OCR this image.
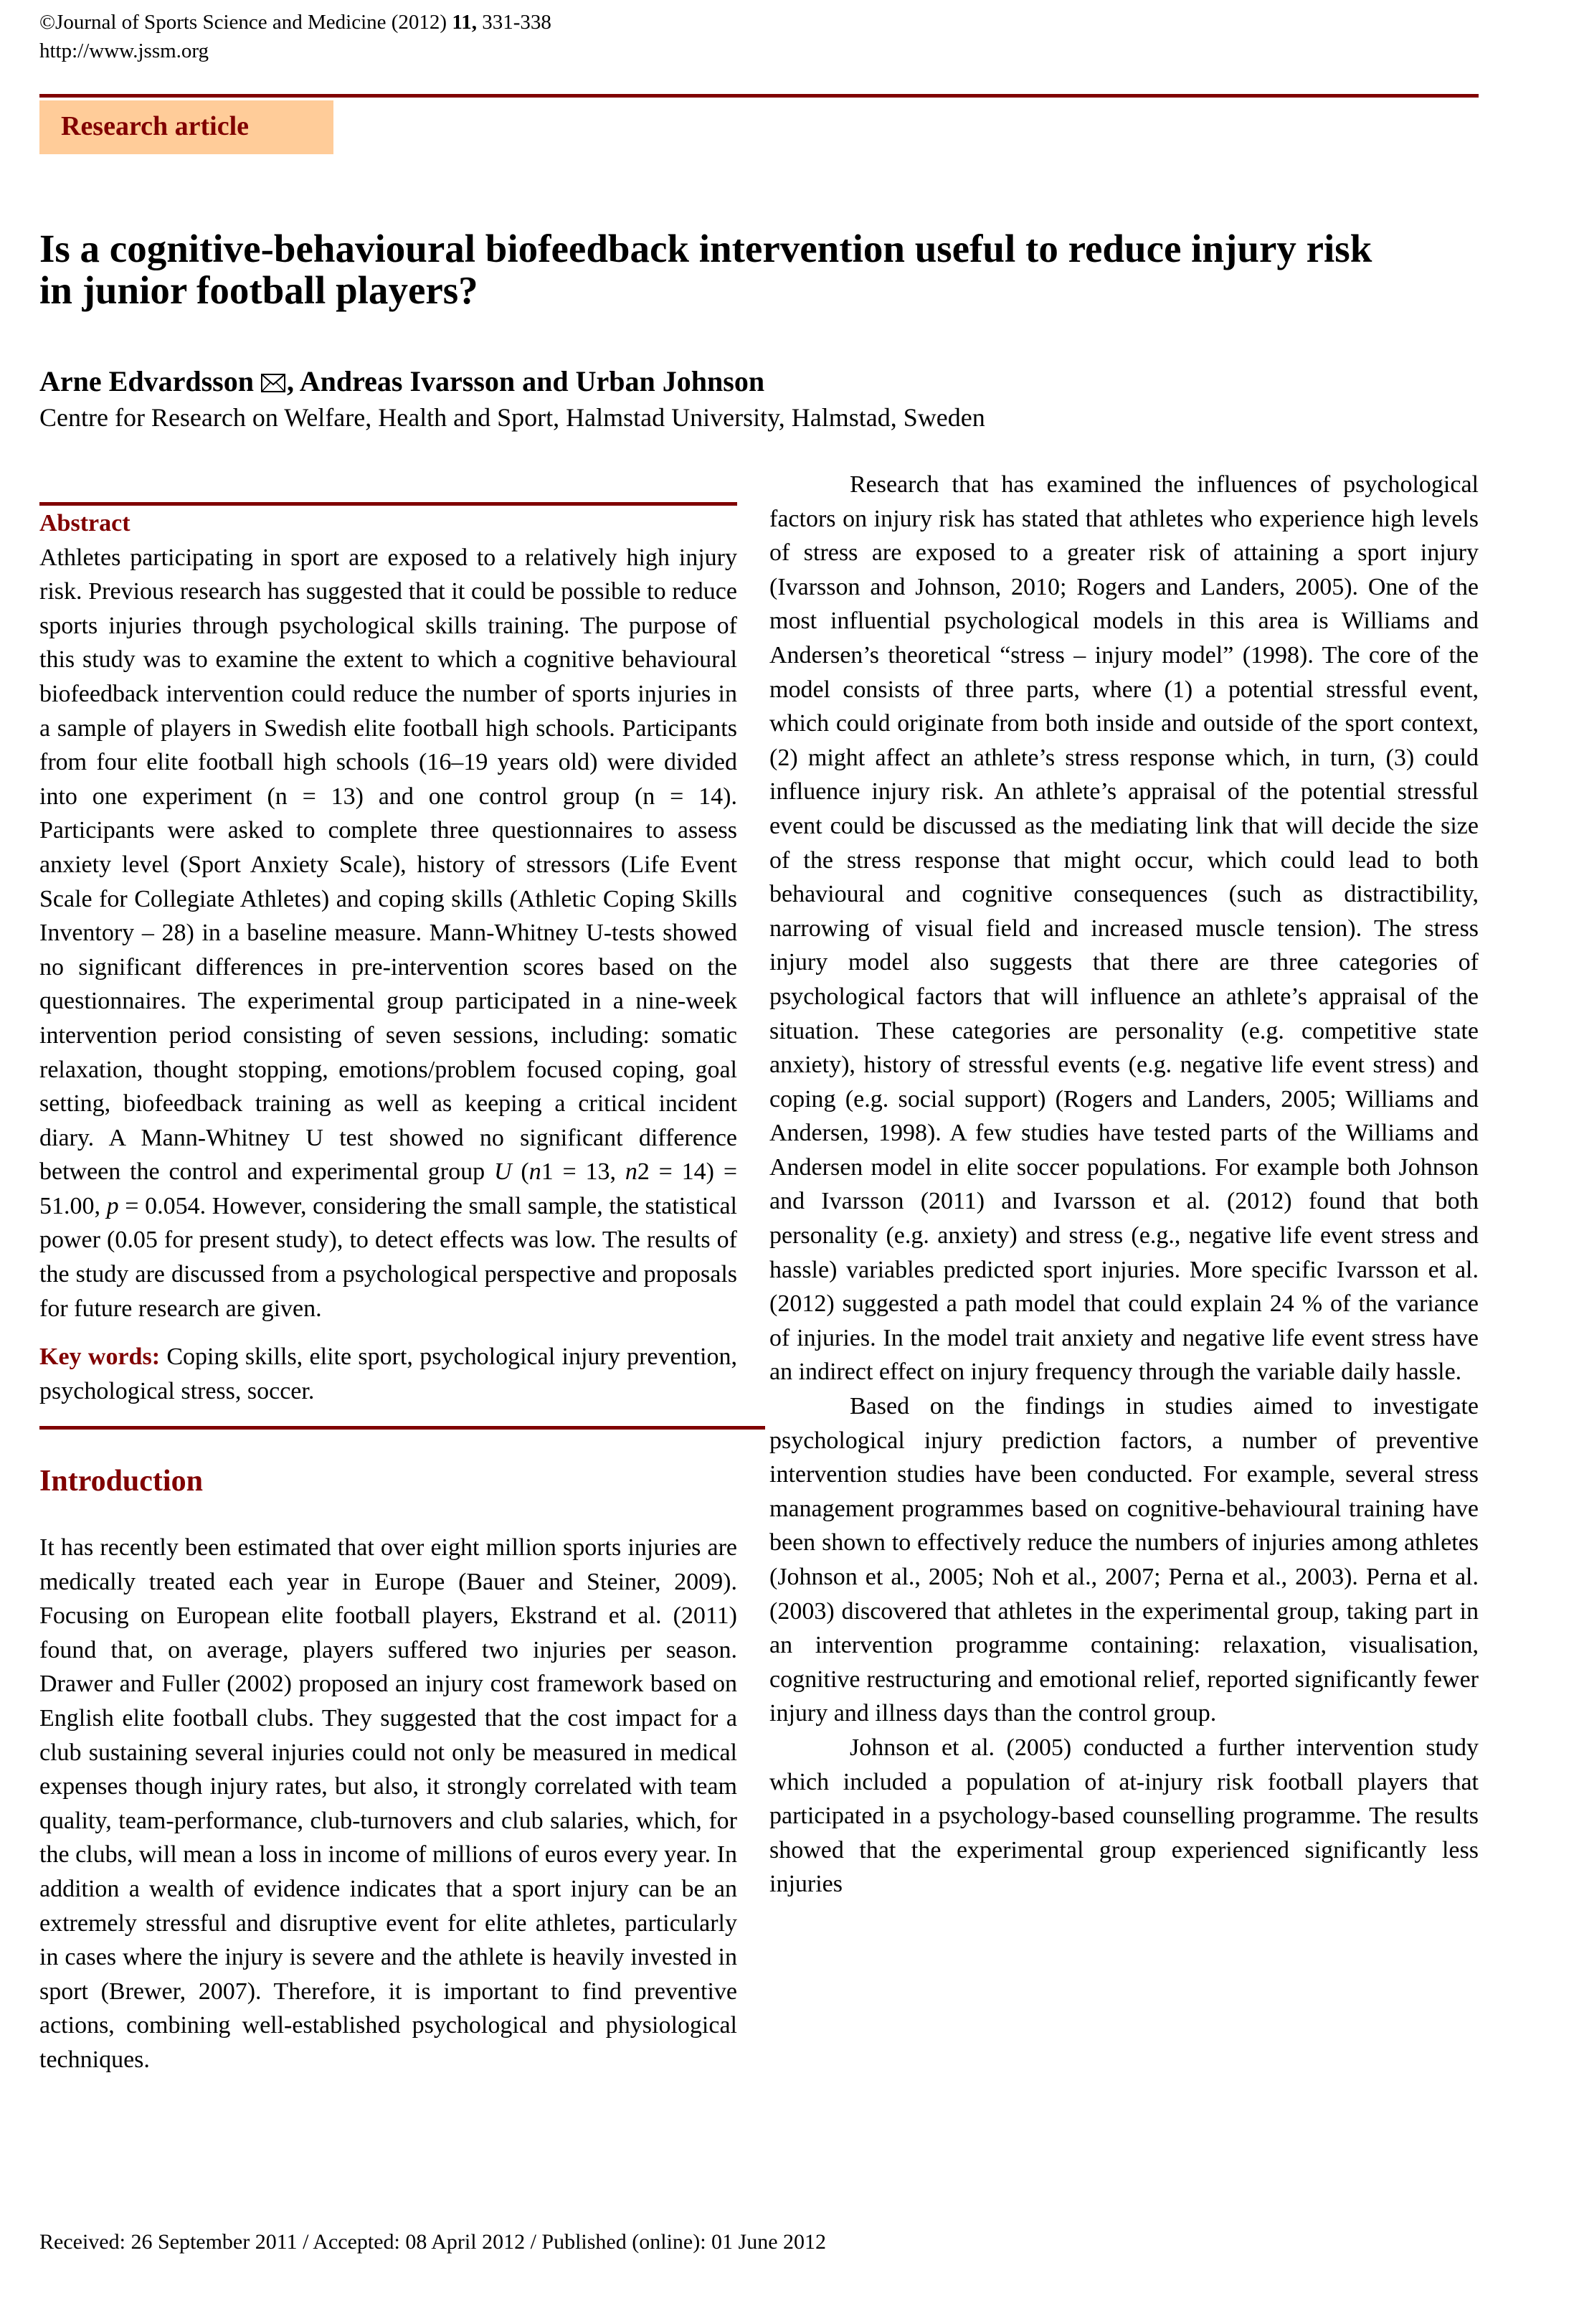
©Journal of Sports Science and Medicine (2012) 11, 331-338
http://www.jssm.org
Research article
Is a cognitive-behavioural biofeedback intervention useful to reduce injury risk
in junior football players?
Arne Edvardsson , Andreas Ivarsson and Urban Johnson
Centre for Research on Welfare, Health and Sport, Halmstad University, Halmstad, Sweden
Abstract

Athletes participating in sport are exposed to a relatively high injury risk. Previous research has suggested that it could be possible to reduce sports injuries through psychological skills training. The purpose of this study was to examine the extent to which a cognitive behavioural biofeedback intervention could reduce the number of sports injuries in a sample of players in Swedish elite football high schools. Participants from four elite football high schools (16–19 years old) were divided into one experiment (n = 13) and one control group (n = 14). Participants were asked to complete three questionnaires to assess anxiety level (Sport Anxiety Scale), history of stressors (Life Event Scale for Collegiate Athletes) and coping skills (Athletic Coping Skills Inventory – 28) in a baseline measure. Mann-Whitney U-tests showed no significant differences in pre-intervention scores based on the questionnaires. The experimental group participated in a nine-week intervention period consisting of seven sessions, including: somatic relaxation, thought stopping, emotions/problem focused coping, goal setting, biofeedback training as well as keeping a critical incident diary. A Mann-Whitney U test showed no significant difference between the control and experimental group U (n1 = 13, n2 = 14) = 51.00, p = 0.054. However, considering the small sample, the statistical power (0.05 for present study), to detect effects was low. The results of the study are discussed from a psychological perspective and proposals for future research are given.

Key words: Coping skills, elite sport, psychological injury prevention, psychological stress, soccer.

Introduction

It has recently been estimated that over eight million sports injuries are medically treated each year in Europe (Bauer and Steiner, 2009). Focusing on European elite football players, Ekstrand et al. (2011) found that, on average, players suffered two injuries per season. Drawer and Fuller (2002) proposed an injury cost framework based on English elite football clubs. They suggested that the cost impact for a club sustaining several injuries could not only be measured in medical expenses though injury rates, but also, it strongly correlated with team quality, team-performance, club-turnovers and club salaries, which, for the clubs, will mean a loss in income of millions of euros every year. In addition a wealth of evidence indicates that a sport injury can be an extremely stressful and disruptive event for elite athletes, particularly in cases where the injury is severe and the athlete is heavily invested in sport (Brewer, 2007). Therefore, it is important to find preventive actions, combining well-established psychological and physiological techniques.

Research that has examined the influences of psychological factors on injury risk has stated that athletes who experience high levels of stress are exposed to a greater risk of attaining a sport injury (Ivarsson and Johnson, 2010; Rogers and Landers, 2005). One of the most influential psychological models in this area is Williams and Andersen’s theoretical “stress – injury model” (1998). The core of the model consists of three parts, where (1) a potential stressful event, which could originate from both inside and outside of the sport context, (2) might affect an athlete’s stress response which, in turn, (3) could influence injury risk. An athlete’s appraisal of the potential stressful event could be discussed as the mediating link that will decide the size of the stress response that might occur, which could lead to both behavioural and cognitive consequences (such as distractibility, narrowing of visual field and increased muscle tension). The stress injury model also suggests that there are three categories of psychological factors that will influence an athlete’s appraisal of the situation. These categories are personality (e.g. competitive state anxiety), history of stressful events (e.g. negative life event stress) and coping (e.g. social support) (Rogers and Landers, 2005; Williams and Andersen, 1998). A few studies have tested parts of the Williams and Andersen model in elite soccer populations. For example both Johnson and Ivarsson (2011) and Ivarsson et al. (2012) found that both personality (e.g. anxiety) and stress (e.g., negative life event stress and hassle) variables predicted sport injuries. More specific Ivarsson et al. (2012) suggested a path model that could explain 24 % of the variance of injuries. In the model trait anxiety and negative life event stress have an indirect effect on injury frequency through the variable daily hassle.

Based on the findings in studies aimed to investigate psychological injury prediction factors, a number of preventive intervention studies have been conducted. For example, several stress management programmes based on cognitive-behavioural training have been shown to effectively reduce the numbers of injuries among athletes (Johnson et al., 2005; Noh et al., 2007; Perna et al., 2003). Perna et al. (2003) discovered that athletes in the experimental group, taking part in an intervention programme containing: relaxation, visualisation, cognitive restructuring and emotional relief, reported significantly fewer injury and illness days than the control group.

Johnson et al. (2005) conducted a further intervention study which included a population of at-injury risk football players that participated in a psychology-based counselling programme. The results showed that the experimental group experienced significantly less injuries

Received: 26 September 2011 / Accepted: 08 April 2012 / Published (online): 01 June 2012
